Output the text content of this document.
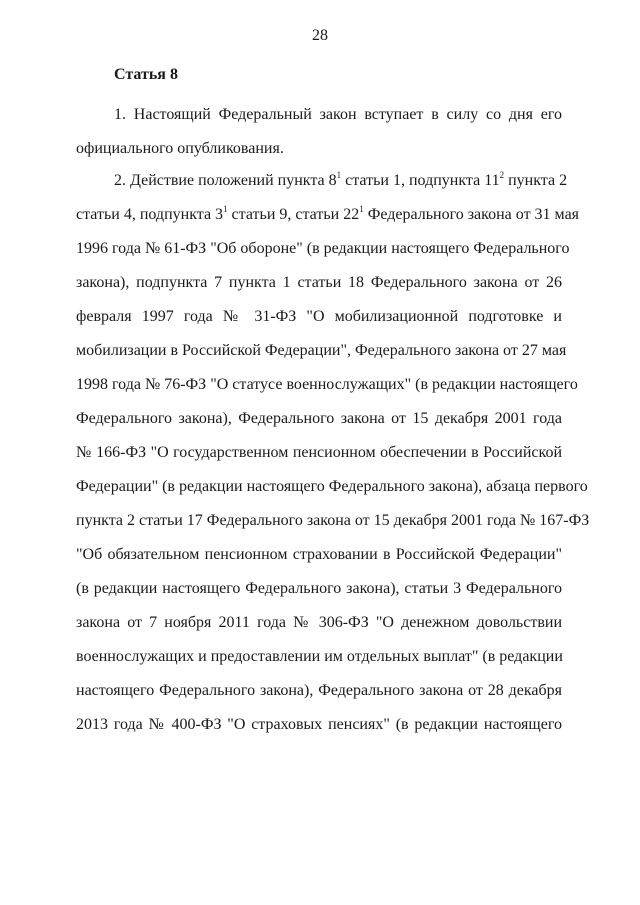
28
Статья 8
1. Настоящий Федеральный закон вступает в силу со дня его
официального опубликования.
2. Действие положений пункта $8^1$ статьи 1, подпункта $11^2$ пункта 2
статьи 4, подпункта $3^1$ статьи 9, статьи $22^1$ Федерального закона от 31 мая
1996 года № 61-ФЗ "Об обороне" (в редакции настоящего Федерального
закона), подпункта 7 пункта 1 статьи 18 Федерального закона от 26
февраля 1997 года № 31-ФЗ "О мобилизационной подготовке и
мобилизации в Российской Федерации", Федерального закона от 27 мая
1998 года № 76-ФЗ "О статусе военнослужащих" (в редакции настоящего
Федерального закона), Федерального закона от 15 декабря 2001 года
№ 166-ФЗ "О государственном пенсионном обеспечении в Российской
Федерации" (в редакции настоящего Федерального закона), абзаца первого
пункта 2 статьи 17 Федерального закона от 15 декабря 2001 года № 167-ФЗ
"Об обязательном пенсионном страховании в Российской Федерации"
(в редакции настоящего Федерального закона), статьи 3 Федерального
закона от 7 ноября 2011 года № 306-ФЗ "О денежном довольствии
военнослужащих и предоставлении им отдельных выплат" (в редакции
настоящего Федерального закона), Федерального закона от 28 декабря
2013 года № 400-ФЗ "О страховых пенсиях" (в редакции настоящего
